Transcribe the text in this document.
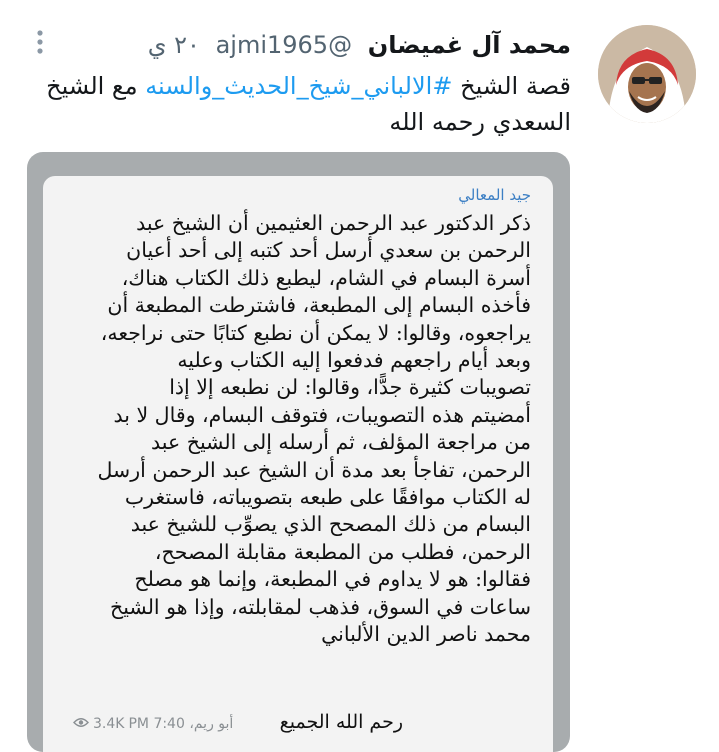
محمد آل غميضان @ajmi1965 ٢٠ ي
قصة الشيخ #الالباني_شيخ_الحديث_والسنه مع الشيخ السعدي رحمه الله
جيد المعالي
ذكر الدكتور عبد الرحمن العثيمين أن الشيخ عبد
الرحمن بن سعدي أرسل أحد كتبه إلى أحد أعيان
أسرة البسام في الشام، ليطبع ذلك الكتاب هناك،
فأخذه البسام إلى المطبعة، فاشترطت المطبعة أن
يراجعوه، وقالوا: لا يمكن أن نطبع كتابًا حتى نراجعه،
وبعد أيام راجعهم فدفعوا إليه الكتاب وعليه
تصويبات كثيرة جدًّا، وقالوا: لن نطبعه إلا إذا
أمضيتم هذه التصويبات، فتوقف البسام، وقال لا بد
من مراجعة المؤلف، ثم أرسله إلى الشيخ عبد
الرحمن، تفاجأ بعد مدة أن الشيخ عبد الرحمن أرسل
له الكتاب موافقًا على طبعه بتصويباته، فاستغرب
البسام من ذلك المصحح الذي يصوِّب للشيخ عبد
الرحمن، فطلب من المطبعة مقابلة المصحح،
فقالوا: هو لا يداوم في المطبعة، وإنما هو مصلح
ساعات في السوق، فذهب لمقابلته، وإذا هو الشيخ
محمد ناصر الدين الألباني
رحم الله الجميع
أبو ريم، 7:40 PM
3.4K
